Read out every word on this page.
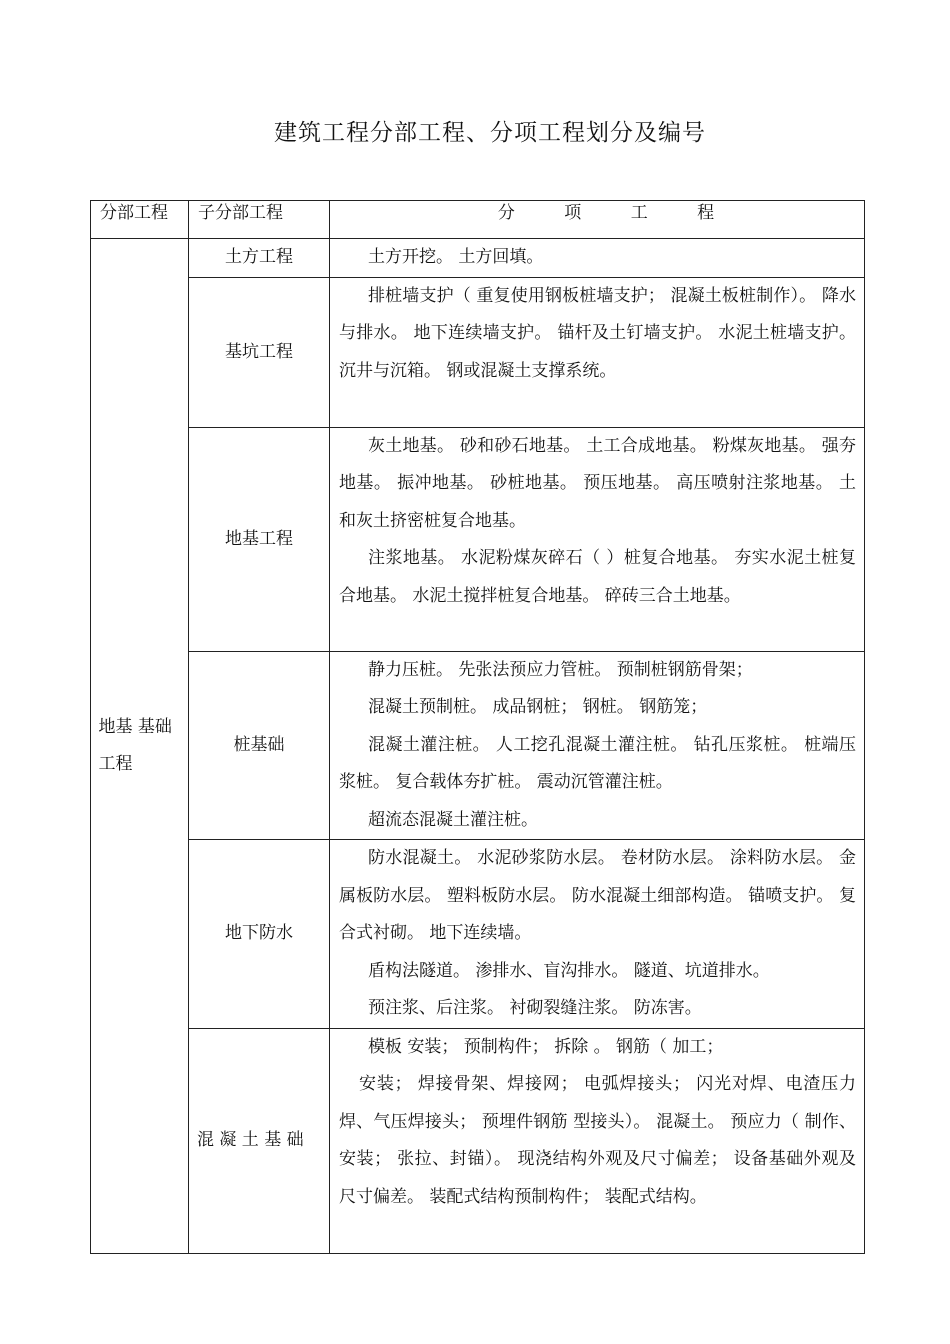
建筑工程分部工程、分项工程划分及编号
分部工程	子分部工程	分 项 工 程
地基 基础工程	土方工程	土方开挖。 土方回填。

	基坑工程	排桩墙支护（ 重复使用钢板桩墙支护； 混凝土板桩制作）。 降水与排水。 地下连续墙支护。 锚杆及土钉墙支护。 水泥土桩墙支护。 沉井与沉箱。 钢或混凝土支撑系统。

	地基工程	灰土地基。 砂和砂石地基。 土工合成地基。 粉煤灰地基。 强夯地基。 振冲地基。 砂桩地基。 预压地基。 高压喷射注浆地基。 土和灰土挤密桩复合地基。

注浆地基。 水泥粉煤灰碎石（ ）桩复合地基。 夯实水泥土桩复合地基。 水泥土搅拌桩复合地基。 碎砖三合土地基。

	桩基础	静力压桩。 先张法预应力管桩。 预制桩钢筋骨架；

混凝土预制桩。 成品钢桩； 钢桩。 钢筋笼；

混凝土灌注桩。 人工挖孔混凝土灌注桩。 钻孔压浆桩。 桩端压浆桩。 复合载体夯扩桩。 震动沉管灌注桩。

超流态混凝土灌注桩。

	地下防水	防水混凝土。 水泥砂浆防水层。 卷材防水层。 涂料防水层。 金属板防水层。 塑料板防水层。 防水混凝土细部构造。 锚喷支护。 复合式衬砌。 地下连续墙。

盾构法隧道。 渗排水、盲沟排水。 隧道、坑道排水。

预注浆、后注浆。 衬砌裂缝注浆。 防冻害。

	混 凝 土 基 础	模板 安装； 预制构件； 拆除 。 钢筋（ 加工；

安装； 焊接骨架、焊接网； 电弧焊接头； 闪光对焊、电渣压力焊、气压焊接头； 预埋件钢筋 型接头）。 混凝土。 预应力（ 制作、安装； 张拉、封锚）。 现浇结构外观及尺寸偏差； 设备基础外观及尺寸偏差。 装配式结构预制构件； 装配式结构。
